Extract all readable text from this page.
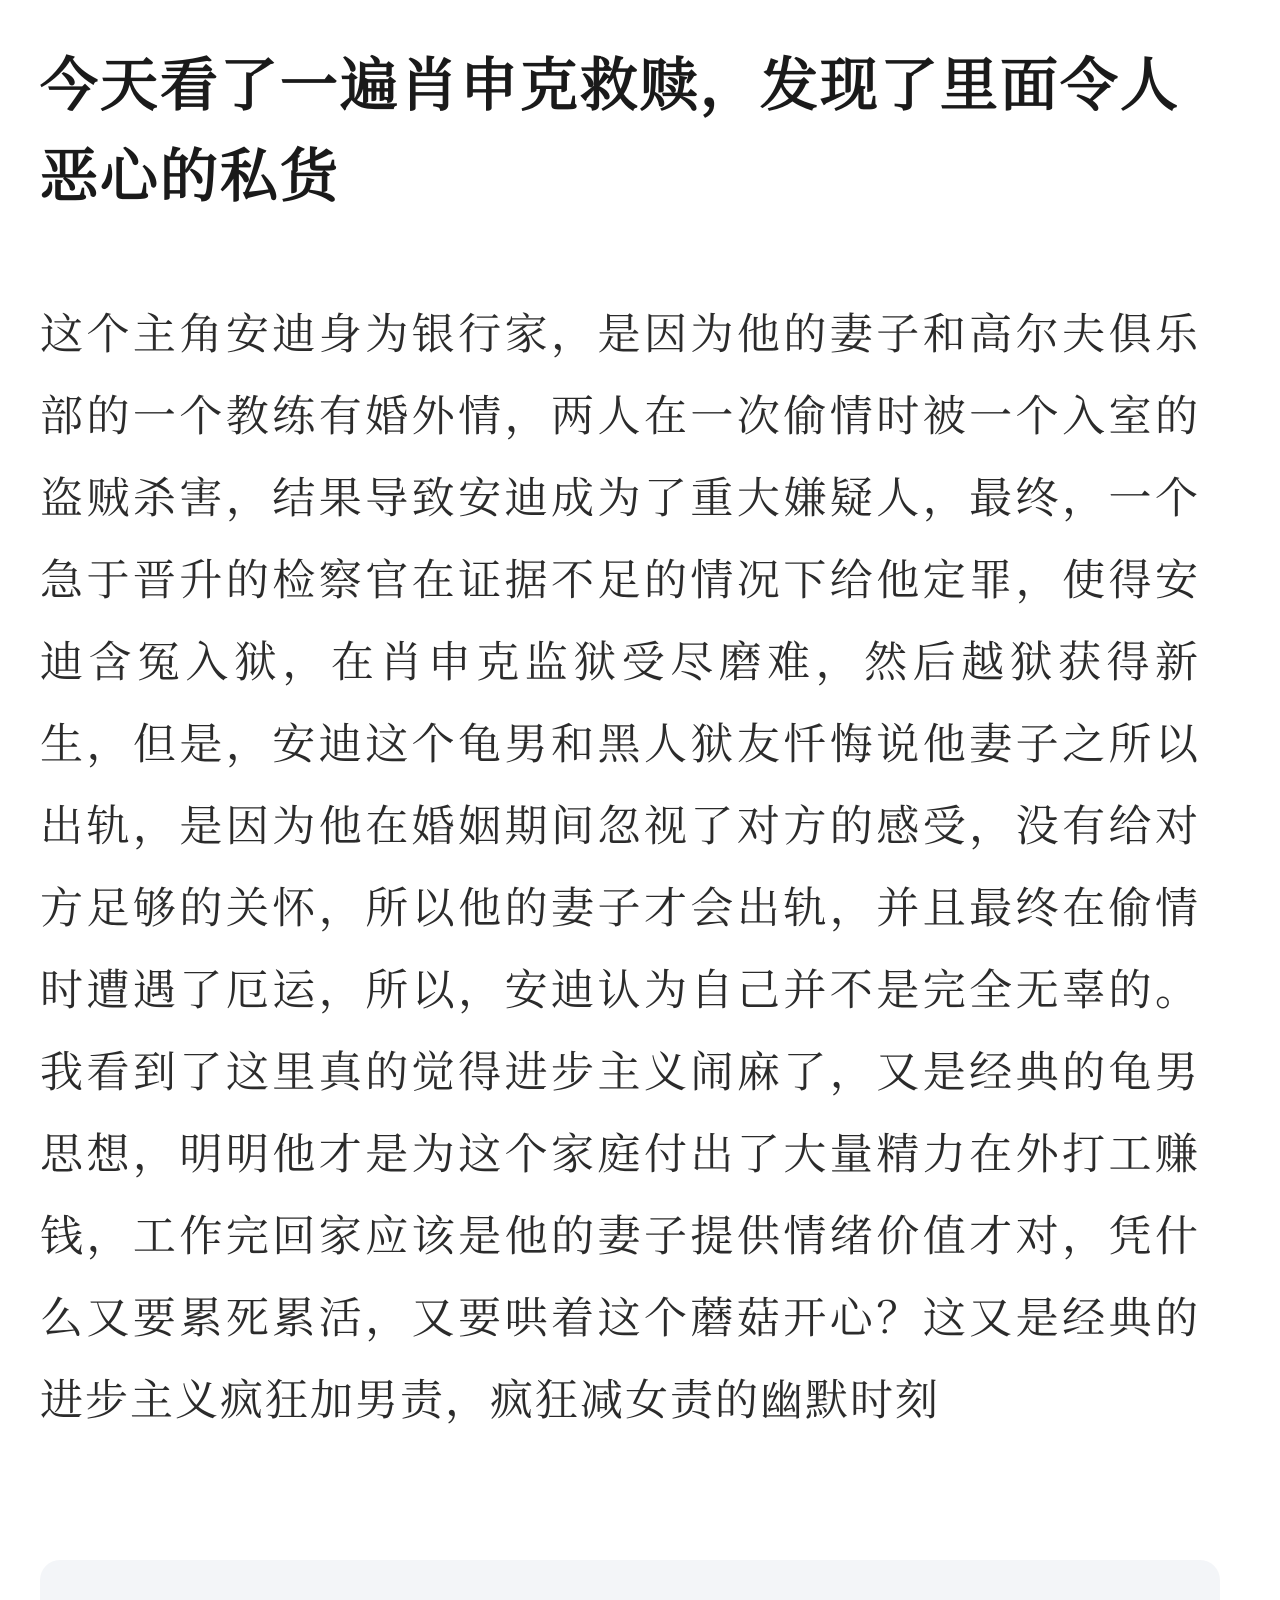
今天看了一遍肖申克救赎，发现了里面令人恶心的私货

这个主角安迪身为银行家，是因为他的妻子和高尔夫俱乐部的一个教练有婚外情，两人在一次偷情时被一个入室的盗贼杀害，结果导致安迪成为了重大嫌疑人，最终，一个急于晋升的检察官在证据不足的情况下给他定罪，使得安迪含冤入狱，在肖申克监狱受尽磨难，然后越狱获得新生，但是，安迪这个龟男和黑人狱友忏悔说他妻子之所以出轨，是因为他在婚姻期间忽视了对方的感受，没有给对方足够的关怀，所以他的妻子才会出轨，并且最终在偷情时遭遇了厄运，所以，安迪认为自己并不是完全无辜的。我看到了这里真的觉得进步主义闹麻了，又是经典的龟男思想，明明他才是为这个家庭付出了大量精力在外打工赚钱，工作完回家应该是他的妻子提供情绪价值才对，凭什么又要累死累活，又要哄着这个蘑菇开心？这又是经典的进步主义疯狂加男责，疯狂减女责的幽默时刻
